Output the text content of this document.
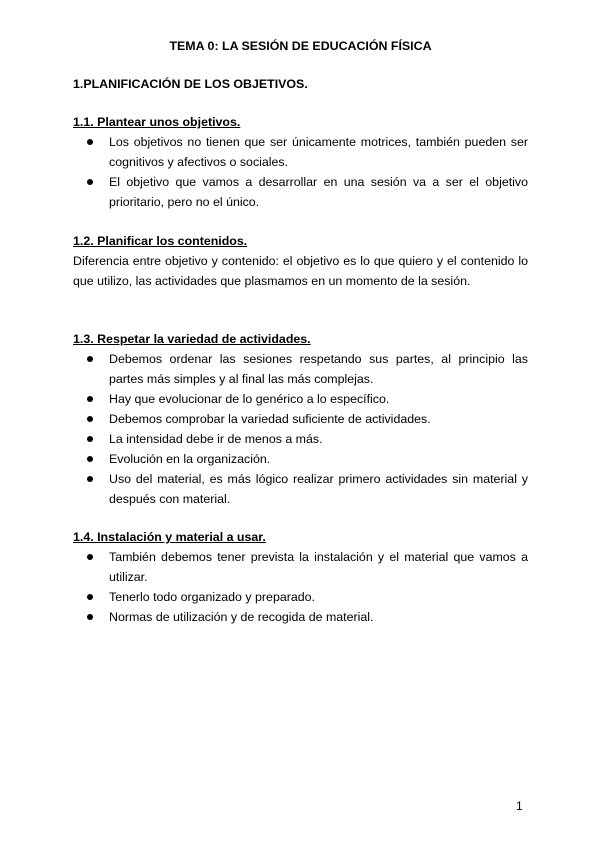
TEMA 0: LA SESIÓN DE EDUCACIÓN FÍSICA
1.PLANIFICACIÓN DE LOS OBJETIVOS.

1.1. Plantear unos objetivos.

Los objetivos no tienen que ser únicamente motrices, también pueden ser cognitivos y afectivos o sociales.
El objetivo que vamos a desarrollar en una sesión va a ser el objetivo prioritario, pero no el único.

1.2. Planificar los contenidos.

Diferencia entre objetivo y contenido: el objetivo es lo que quiero y el contenido lo que utilizo, las actividades que plasmamos en un momento de la sesión.

1.3. Respetar la variedad de actividades.

Debemos ordenar las sesiones respetando sus partes, al principio las partes más simples y al final las más complejas.
Hay que evolucionar de lo genérico a lo específico.
Debemos comprobar la variedad suficiente de actividades.
La intensidad debe ir de menos a más.
Evolución en la organización.
Uso del material, es más lógico realizar primero actividades sin material y después con material.

1.4. Instalación y material a usar.

También debemos tener prevista la instalación y el material que vamos a utilizar.
Tenerlo todo organizado y preparado.
Normas de utilización y de recogida de material.
1
